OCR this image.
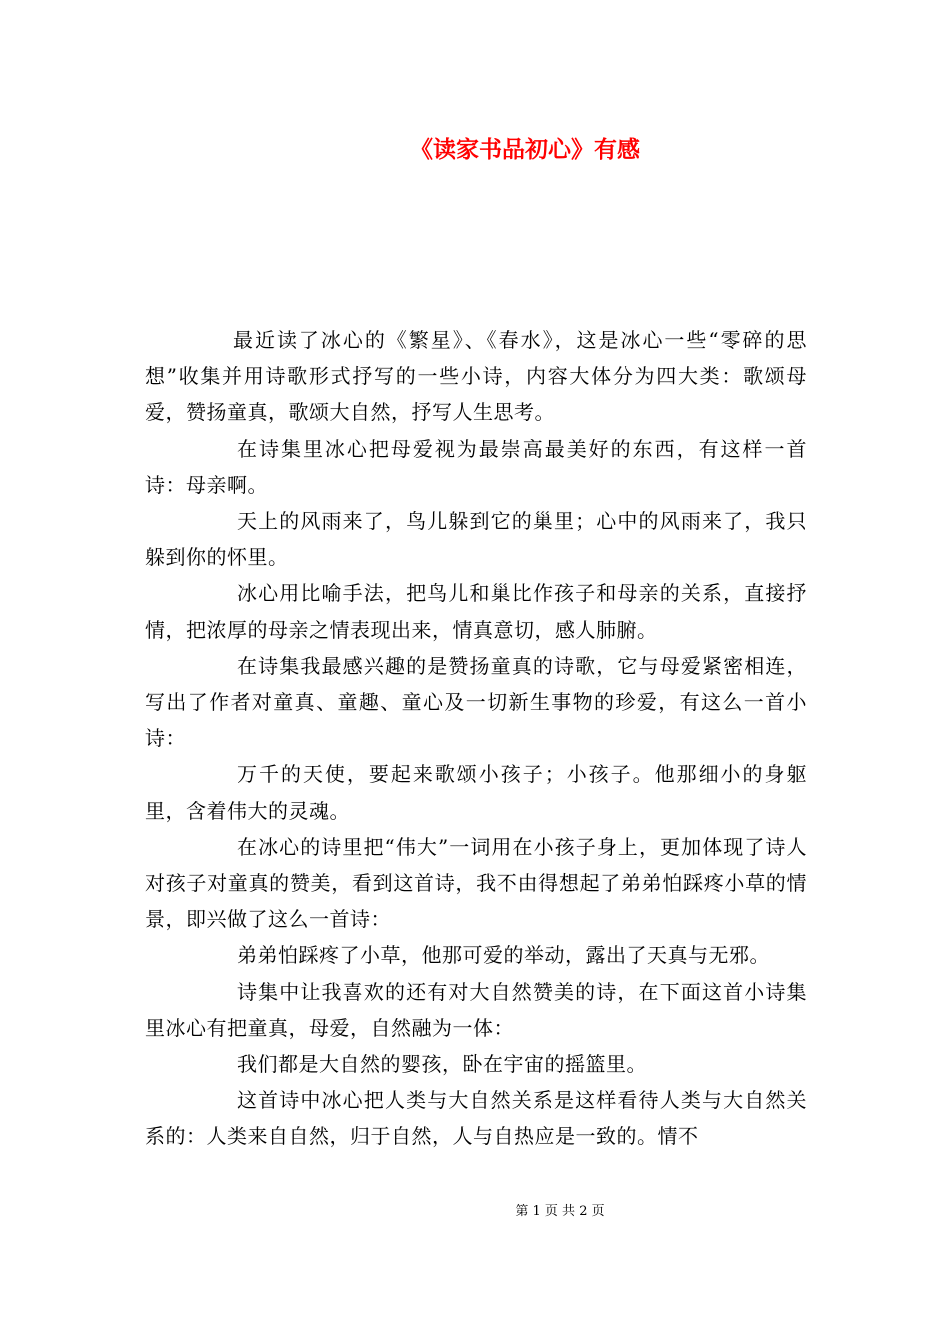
《读家书品初心》有感

最近读了冰心的《繁星》、《春水》，这是冰心一些“零碎的思想”收集并用诗歌形式抒写的一些小诗，内容大体分为四大类：歌颂母爱，赞扬童真，歌颂大自然，抒写人生思考。

在诗集里冰心把母爱视为最崇高最美好的东西，有这样一首诗：母亲啊。

天上的风雨来了，鸟儿躲到它的巢里；心中的风雨来了，我只躲到你的怀里。

冰心用比喻手法，把鸟儿和巢比作孩子和母亲的关系，直接抒情，把浓厚的母亲之情表现出来，情真意切，感人肺腑。

在诗集我最感兴趣的是赞扬童真的诗歌，它与母爱紧密相连，写出了作者对童真、童趣、童心及一切新生事物的珍爱，有这么一首小诗：

万千的天使，要起来歌颂小孩子；小孩子。他那细小的身躯里，含着伟大的灵魂。

在冰心的诗里把“伟大”一词用在小孩子身上，更加体现了诗人对孩子对童真的赞美，看到这首诗，我不由得想起了弟弟怕踩疼小草的情景，即兴做了这么一首诗：

弟弟怕踩疼了小草，他那可爱的举动，露出了天真与无邪。

诗集中让我喜欢的还有对大自然赞美的诗，在下面这首小诗集里冰心有把童真，母爱，自然融为一体：

我们都是大自然的婴孩，卧在宇宙的摇篮里。

这首诗中冰心把人类与大自然关系是这样看待人类与大自然关系的：人类来自自然，归于自然，人与自热应是一致的。情不

第 1 页 共 2 页
